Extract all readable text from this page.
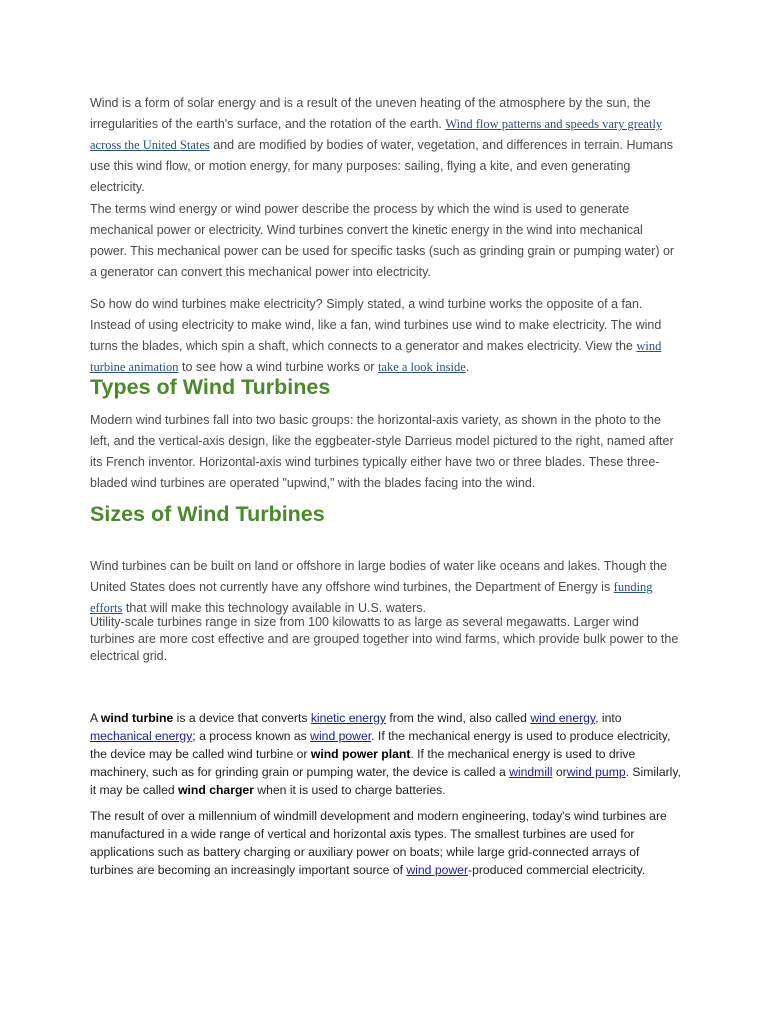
Wind is a form of solar energy and is a result of the uneven heating of the atmosphere by the sun, the irregularities of the earth's surface, and the rotation of the earth. Wind flow patterns and speeds vary greatly across the United States and are modified by bodies of water, vegetation, and differences in terrain. Humans use this wind flow, or motion energy, for many purposes: sailing, flying a kite, and even generating electricity.

The terms wind energy or wind power describe the process by which the wind is used to generate mechanical power or electricity. Wind turbines convert the kinetic energy in the wind into mechanical power. This mechanical power can be used for specific tasks (such as grinding grain or pumping water) or a generator can convert this mechanical power into electricity.

So how do wind turbines make electricity? Simply stated, a wind turbine works the opposite of a fan. Instead of using electricity to make wind, like a fan, wind turbines use wind to make electricity. The wind turns the blades, which spin a shaft, which connects to a generator and makes electricity. View the wind turbine animation to see how a wind turbine works or take a look inside.

Types of Wind Turbines

Modern wind turbines fall into two basic groups: the horizontal-axis variety, as shown in the photo to the left, and the vertical-axis design, like the eggbeater-style Darrieus model pictured to the right, named after its French inventor. Horizontal-axis wind turbines typically either have two or three blades. These three-bladed wind turbines are operated "upwind," with the blades facing into the wind.

Sizes of Wind Turbines

Wind turbines can be built on land or offshore in large bodies of water like oceans and lakes. Though the United States does not currently have any offshore wind turbines, the Department of Energy is funding efforts that will make this technology available in U.S. waters.

Utility-scale turbines range in size from 100 kilowatts to as large as several megawatts. Larger wind turbines are more cost effective and are grouped together into wind farms, which provide bulk power to the electrical grid.

A wind turbine is a device that converts kinetic energy from the wind, also called wind energy, into mechanical energy; a process known as wind power. If the mechanical energy is used to produce electricity, the device may be called wind turbine or wind power plant. If the mechanical energy is used to drive machinery, such as for grinding grain or pumping water, the device is called a windmill orwind pump. Similarly, it may be called wind charger when it is used to charge batteries.

The result of over a millennium of windmill development and modern engineering, today's wind turbines are manufactured in a wide range of vertical and horizontal axis types. The smallest turbines are used for applications such as battery charging or auxiliary power on boats; while large grid-connected arrays of turbines are becoming an increasingly important source of wind power-produced commercial electricity.
